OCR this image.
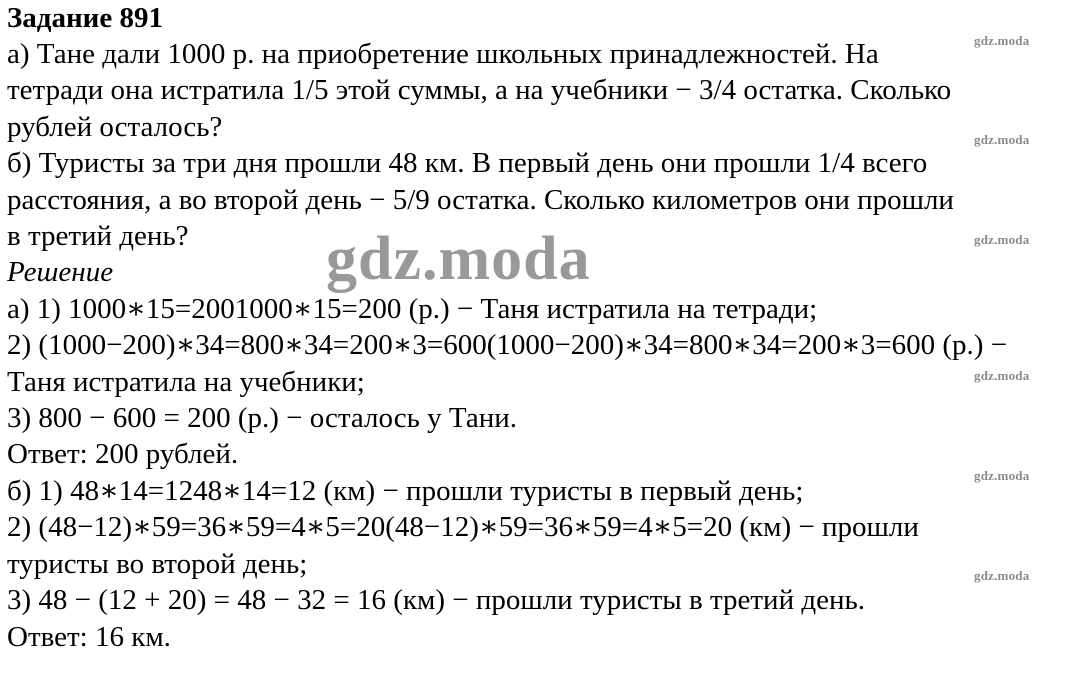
Задание 891
а) Тане дали 1000 р. на приобретение школьных принадлежностей. На
тетради она истратила 1/5 этой суммы, а на учебники − 3/4 остатка. Сколько
рублей осталось?
б) Туристы за три дня прошли 48 км. В первый день они прошли 1/4 всего
расстояния, а во второй день − 5/9 остатка. Сколько километров они прошли
в третий день?
Решение
а) 1) 1000∗15=2001000∗15=200 (р.) − Таня истратила на тетради;
2) (1000−200)∗34=800∗34=200∗3=600(1000−200)∗34=800∗34=200∗3=600 (р.) −
Таня истратила на учебники;
3) 800 − 600 = 200 (р.) − осталось у Тани.
Ответ: 200 рублей.
б) 1) 48∗14=1248∗14=12 (км) − прошли туристы в первый день;
2) (48−12)∗59=36∗59=4∗5=20(48−12)∗59=36∗59=4∗5=20 (км) − прошли
туристы во второй день;
3) 48 − (12 + 20) = 48 − 32 = 16 (км) − прошли туристы в третий день.
Ответ: 16 км.
gdz.moda
gdz.moda
gdz.moda
gdz.moda
gdz.moda
gdz.moda
gdz.moda
